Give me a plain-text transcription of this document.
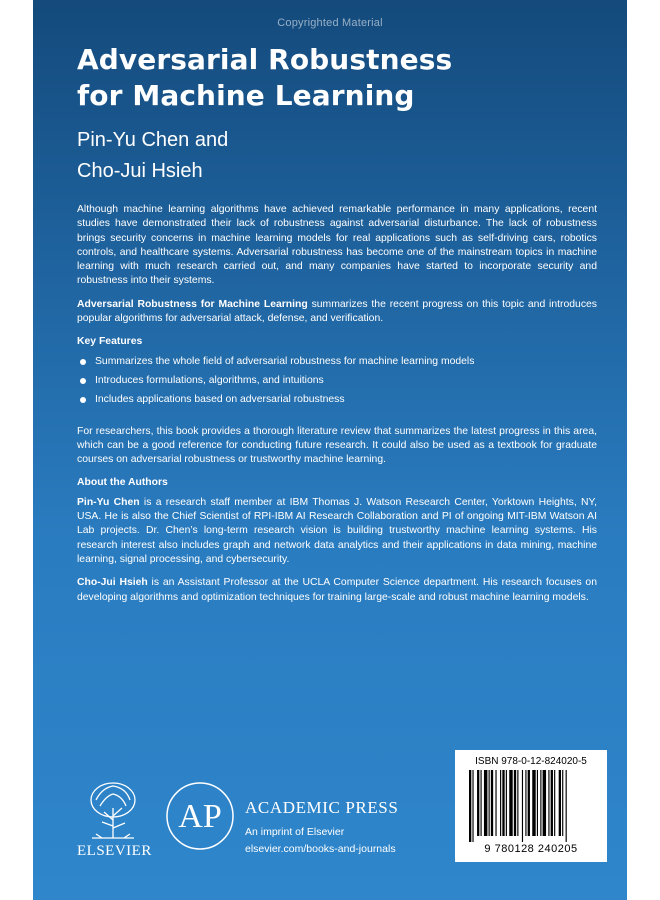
Copyrighted Material
Adversarial Robustness
for Machine Learning
Pin-Yu Chen and
Cho-Jui Hsieh

Although machine learning algorithms have achieved remarkable performance in many applications, recent studies have demonstrated their lack of robustness against adversarial disturbance. The lack of robustness brings security concerns in machine learning models for real applications such as self-driving cars, robotics controls, and healthcare systems. Adversarial robustness has become one of the mainstream topics in machine learning with much research carried out, and many companies have started to incorporate security and robustness into their systems.

Adversarial Robustness for Machine Learning summarizes the recent progress on this topic and introduces popular algorithms for adversarial attack, defense, and verification.

Key Features
Summarizes the whole field of adversarial robustness for machine learning models
Introduces formulations, algorithms, and intuitions
Includes applications based on adversarial robustness

For researchers, this book provides a thorough literature review that summarizes the latest progress in this area, which can be a good reference for conducting future research. It could also be used as a textbook for graduate courses on adversarial robustness or trustworthy machine learning.

About the Authors

Pin-Yu Chen is a research staff member at IBM Thomas J. Watson Research Center, Yorktown Heights, NY, USA. He is also the Chief Scientist of RPI-IBM AI Research Collaboration and PI of ongoing MIT-IBM Watson AI Lab projects. Dr. Chen’s long-term research vision is building trustworthy machine learning systems. His research interest also includes graph and network data analytics and their applications in data mining, machine learning, signal processing, and cybersecurity.

Cho-Jui Hsieh is an Assistant Professor at the UCLA Computer Science department. His research focuses on developing algorithms and optimization techniques for training large-scale and robust machine learning models.

ELSEVIER
AP ACADEMIC PRESS
An imprint of Elsevier
elsevier.com/books-and-journals
ISBN 978-0-12-824020-5
9 780128 240205
